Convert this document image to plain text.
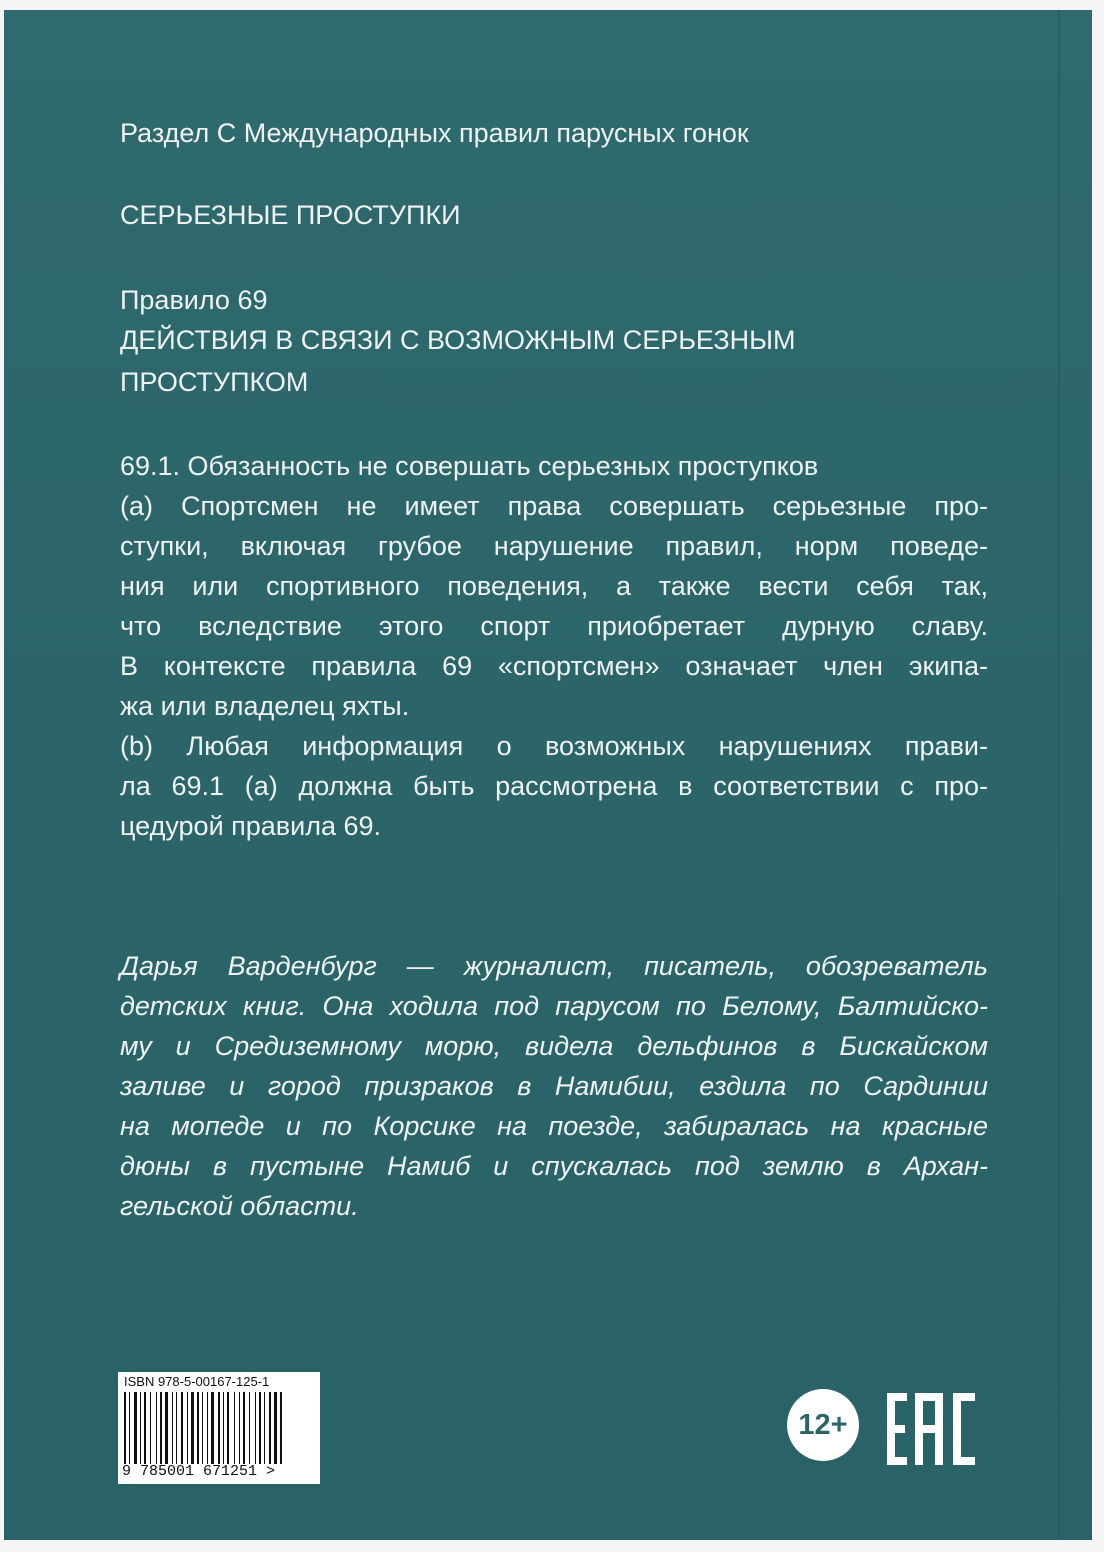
Раздел С Международных правил парусных гонок
СЕРЬЕЗНЫЕ ПРОСТУПКИ
Правило 69
ДЕЙСТВИЯ В СВЯЗИ С ВОЗМОЖНЫМ СЕРЬЕЗНЫМ
ПРОСТУПКОМ
69.1. Обязанность не совершать серьезных проступков
(а) Спортсмен не имеет права совершать серьезные про-
ступки, включая грубое нарушение правил, норм поведе-
ния или спортивного поведения, а также вести себя так,
что вследствие этого спорт приобретает дурную славу.
В контексте правила 69 «спортсмен» означает член экипа-
жа или владелец яхты.
(b) Любая информация о возможных нарушениях прави-
ла 69.1 (а) должна быть рассмотрена в соответствии с про-
цедурой правила 69.
Дарья Варденбург — журналист, писатель, обозреватель
детских книг. Она ходила под парусом по Белому, Балтийско-
му и Средиземному морю, видела дельфинов в Бискайском
заливе и город призраков в Намибии, ездила по Сардинии
на мопеде и по Корсике на поезде, забиралась на красные
дюны в пустыне Намиб и спускалась под землю в Архан-
гельской области.
ISBN 978-5-00167-125-1
9 785001 671251 >
12+
